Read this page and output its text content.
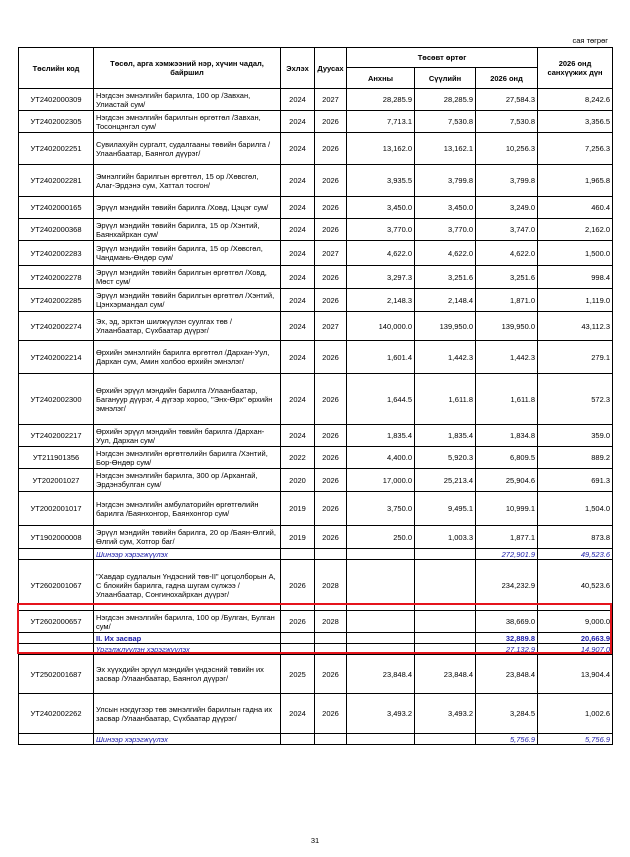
сая төгрөг
Төслийн код	Төсөл, арга хэмжээний нэр, хүчин чадал, байршил	Эхлэх	Дуусах	Төсөвт өртөг			2026 онд санхүүжих дүн
				Анхны	Сүүлийн	2026 онд	
УТ2402000309	Нэгдсэн эмнэлгийн барилга, 100 ор /Завхан, Улиастай сум/	2024	2027	28,285.9	28,285.9	27,584.3	8,242.6
УТ2402002305	Нэгдсэн эмнэлгийн барилгын өргөтгөл /Завхан, Тосонцэнгэл сум/	2024	2026	7,713.1	7,530.8	7,530.8	3,356.5
УТ2402002251	Сувилахуйн сургалт, судалгааны төвийн барилга /Улаанбаатар, Баянгол дүүрэг/	2024	2026	13,162.0	13,162.1	10,256.3	7,256.3
УТ2402002281	Эмнэлгийн барилгын өргөтгөл, 15 ор /Хөвсгөл, Алаг-Эрдэнэ сум, Хаттал тосгон/	2024	2026	3,935.5	3,799.8	3,799.8	1,965.8
УТ2402000165	Эрүүл мэндийн төвийн барилга /Ховд, Цэцэг сум/	2024	2026	3,450.0	3,450.0	3,249.0	460.4
УТ2402000368	Эрүүл мэндийн төвийн барилга, 15 ор /Хэнтий, Баянхайрхан сум/	2024	2026	3,770.0	3,770.0	3,747.0	2,162.0
УТ2402002283	Эрүүл мэндийн төвийн барилга, 15 ор /Хөвсгөл, Чандмань-Өндөр сум/	2024	2027	4,622.0	4,622.0	4,622.0	1,500.0
УТ2402002278	Эрүүл мэндийн төвийн барилгын өргөтгөл /Ховд, Мөст сум/	2024	2026	3,297.3	3,251.6	3,251.6	998.4
УТ2402002285	Эрүүл мэндийн төвийн барилгын өргөтгөл /Хэнтий, Цэнхэрмандал сум/	2024	2026	2,148.3	2,148.4	1,871.0	1,119.0
УТ2402002274	Эх, эд, эрхтэн шилжүүлэн суулгах төв /Улаанбаатар, Сүхбаатар дүүрэг/	2024	2027	140,000.0	139,950.0	139,950.0	43,112.3
УТ2402002214	Өрхийн эмнэлгийн барилга өргөтгөл /Дархан-Уул, Дархан сум, Амин холбоо өрхийн эмнэлэг/	2024	2026	1,601.4	1,442.3	1,442.3	279.1
УТ2402002300	Өрхийн эрүүл мэндийн барилга /Улаанбаатар, Багануур дүүрэг, 4 дүгээр хороо, "Энх-Өрх" өрхийн эмнэлэг/	2024	2026	1,644.5	1,611.8	1,611.8	572.3
УТ2402002217	Өрхийн эрүүл мэндийн төвийн барилга /Дархан-Уул, Дархан сум/	2024	2026	1,835.4	1,835.4	1,834.8	359.0
УТ211901356	Нэгдсэн эмнэлгийн өргөтгөлийн барилга /Хэнтий, Бор-Өндөр сум/	2022	2026	4,400.0	5,920.3	6,809.5	889.2
УТ202001027	Нэгдсэн эмнэлгийн барилга, 300 ор /Архангай, Эрдэнэбулган сум/	2020	2026	17,000.0	25,213.4	25,904.6	691.3
УТ2002001017	Нэгдсэн эмнэлгийн амбулаторийн өргөтгөлийн барилга /Баянхонгор, Баянхонгор сум/	2019	2026	3,750.0	9,495.1	10,999.1	1,504.0
УТ1902000008	Эрүүл мэндийн төвийн барилга, 20 ор /Баян-Өлгий, Өлгий сум, Хотгор баг/	2019	2026	250.0	1,003.3	1,877.1	873.8
	Шинээр хэрэгжүүлэх					272,901.9	49,523.6
УТ2602001067	"Хавдар судлалын Үндэсний төв-II" цогцолборын А, С блокийн барилга, гадна шугам сүлжээ /Улаанбаатар, Сонгинохайрхан дүүрэг/	2026	2028			234,232.9	40,523.6
УТ2602000657	Нэгдсэн эмнэлгийн барилга, 100 ор /Булган, Булган сум/	2026	2028			38,669.0	9,000.0
	II. Их засвар					32,889.8	20,663.9
	Үргэлжлүүлэн хэрэгжүүлэх					27,132.9	14,907.0
УТ2502001687	Эх хүүхдийн эрүүл мэндийн үндэсний төвийн их засвар /Улаанбаатар, Баянгол дүүрэг/	2025	2026	23,848.4	23,848.4	23,848.4	13,904.4
УТ2402002262	Улсын нэгдүгээр төв эмнэлгийн барилгын гадна их засвар /Улаанбаатар, Сүхбаатар дүүрэг/	2024	2026	3,493.2	3,493.2	3,284.5	1,002.6
	Шинээр хэрэгжүүлэх					5,756.9	5,756.9
31
